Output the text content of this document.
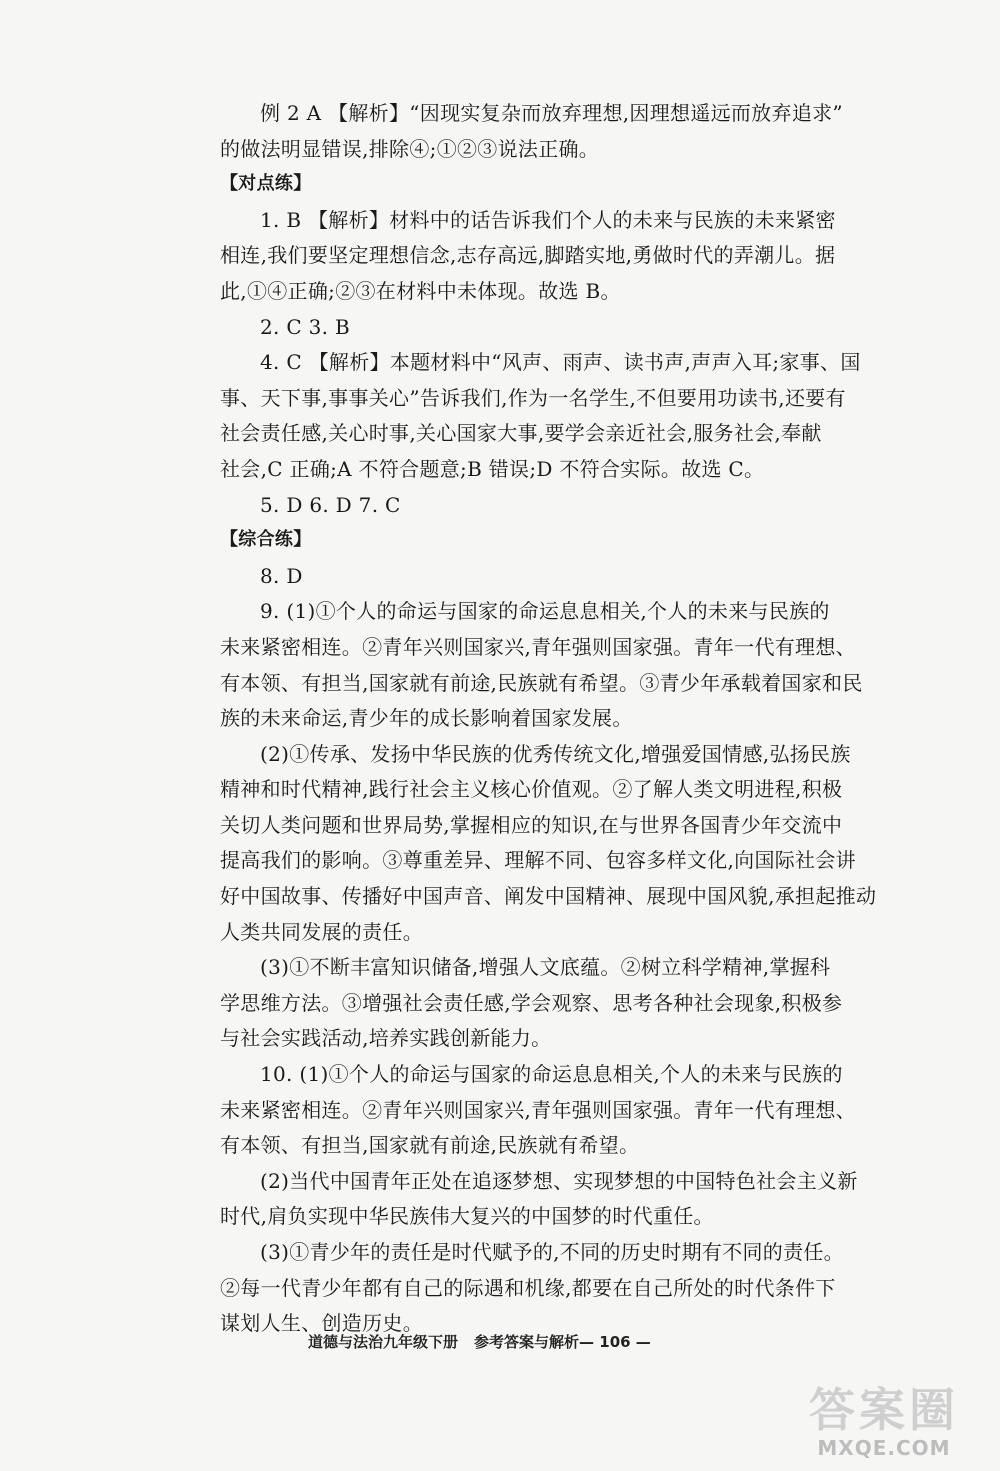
例 2 A 【解析】“因现实复杂而放弃理想,因理想遥远而放弃追求”
的做法明显错误,排除④;①②③说法正确。
【对点练】
1. B 【解析】材料中的话告诉我们个人的未来与民族的未来紧密
相连,我们要坚定理想信念,志存高远,脚踏实地,勇做时代的弄潮儿。据
此,①④正确;②③在材料中未体现。故选 B。
2. C 3. B
4. C 【解析】本题材料中“风声、雨声、读书声,声声入耳;家事、国
事、天下事,事事关心”告诉我们,作为一名学生,不但要用功读书,还要有
社会责任感,关心时事,关心国家大事,要学会亲近社会,服务社会,奉献
社会,C 正确;A 不符合题意;B 错误;D 不符合实际。故选 C。
5. D 6. D 7. C
【综合练】
8. D
9. (1)①个人的命运与国家的命运息息相关,个人的未来与民族的
未来紧密相连。②青年兴则国家兴,青年强则国家强。青年一代有理想、
有本领、有担当,国家就有前途,民族就有希望。③青少年承载着国家和民
族的未来命运,青少年的成长影响着国家发展。
(2)①传承、发扬中华民族的优秀传统文化,增强爱国情感,弘扬民族
精神和时代精神,践行社会主义核心价值观。②了解人类文明进程,积极
关切人类问题和世界局势,掌握相应的知识,在与世界各国青少年交流中
提高我们的影响。③尊重差异、理解不同、包容多样文化,向国际社会讲
好中国故事、传播好中国声音、阐发中国精神、展现中国风貌,承担起推动
人类共同发展的责任。
(3)①不断丰富知识储备,增强人文底蕴。②树立科学精神,掌握科
学思维方法。③增强社会责任感,学会观察、思考各种社会现象,积极参
与社会实践活动,培养实践创新能力。
10. (1)①个人的命运与国家的命运息息相关,个人的未来与民族的
未来紧密相连。②青年兴则国家兴,青年强则国家强。青年一代有理想、
有本领、有担当,国家就有前途,民族就有希望。
(2)当代中国青年正处在追逐梦想、实现梦想的中国特色社会主义新
时代,肩负实现中华民族伟大复兴的中国梦的时代重任。
(3)①青少年的责任是时代赋予的,不同的历史时期有不同的责任。
②每一代青少年都有自己的际遇和机缘,都要在自己所处的时代条件下
谋划人生、创造历史。
道德与法治九年级下册 参考答案与解析— 106 —
答案圈
MXQE.COM
